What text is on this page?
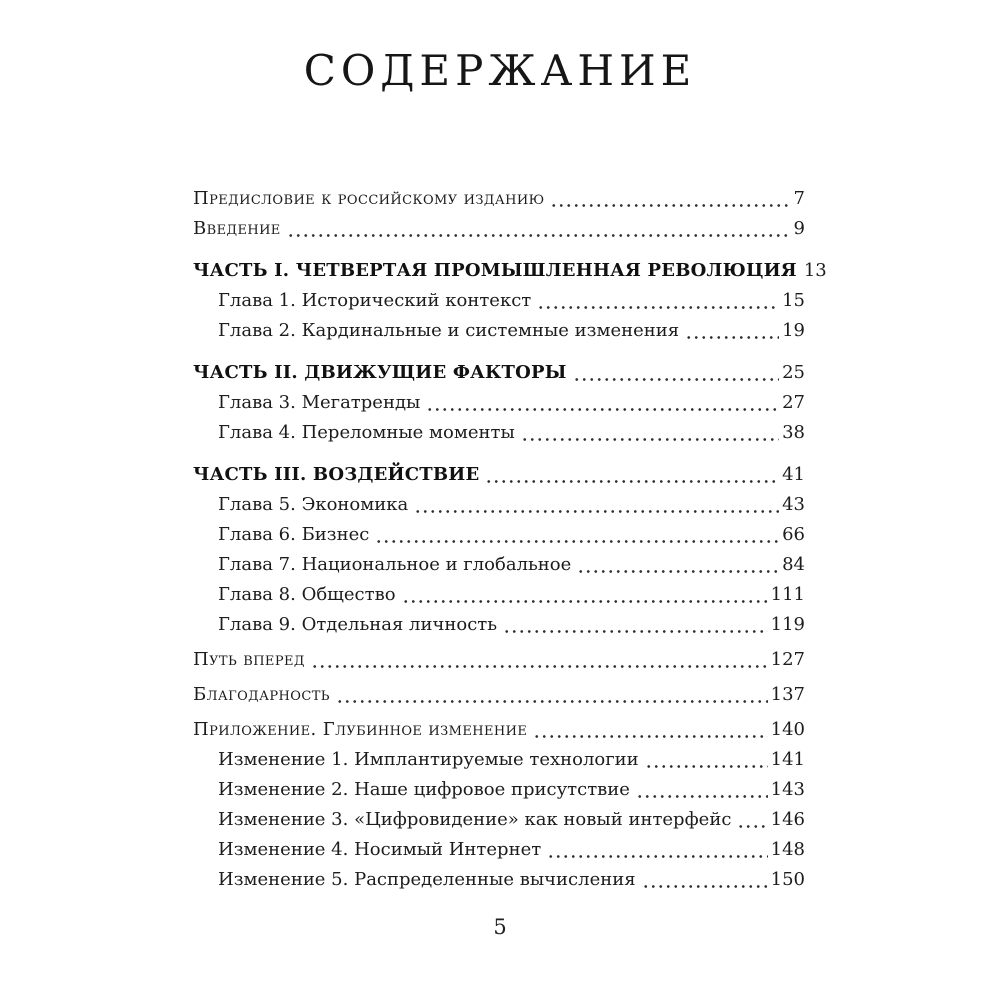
СОДЕРЖАНИЕ
Предисловие к российскому изданию	7
Введение	9
ЧАСТЬ I. ЧЕТВЕРТАЯ ПРОМЫШЛЕННАЯ РЕВОЛЮЦИЯ 13
Глава 1. Исторический контекст	15
Глава 2. Кардинальные и системные изменения	19
ЧАСТЬ II. ДВИЖУЩИЕ ФАКТОРЫ	25
Глава 3. Мегатренды	27
Глава 4. Переломные моменты	38
ЧАСТЬ III. ВОЗДЕЙСТВИЕ	41
Глава 5. Экономика	43
Глава 6. Бизнес	66
Глава 7. Национальное и глобальное	84
Глава 8. Общество	111
Глава 9. Отдельная личность	119
Путь вперед	127
Благодарность	137
Приложение. Глубинное изменение	140
Изменение 1. Имплантируемые технологии	141
Изменение 2. Наше цифровое присутствие	143
Изменение 3. «Цифровидение» как новый интерфейс 146
Изменение 4. Носимый Интернет	148
Изменение 5. Распределенные вычисления	150
5
